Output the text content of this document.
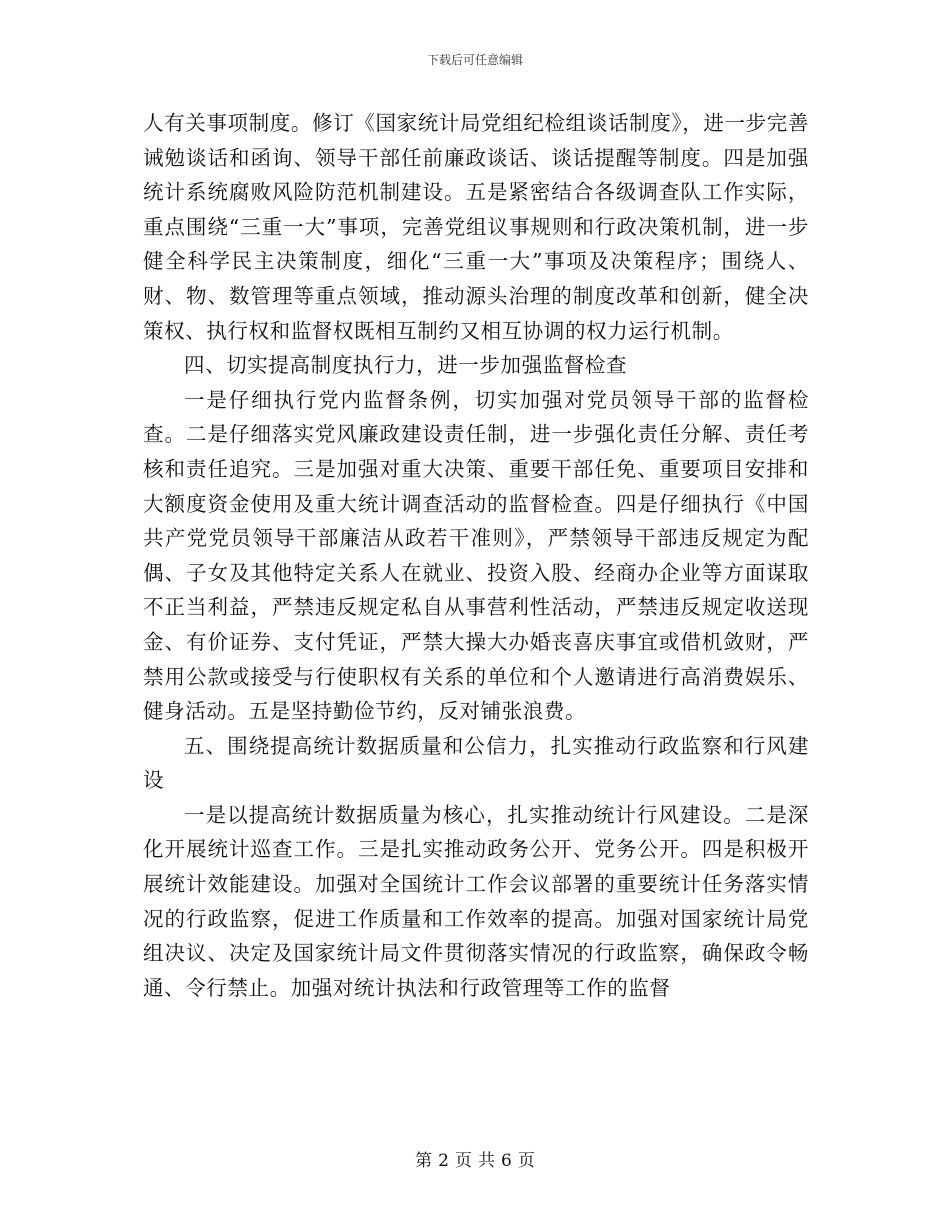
下载后可任意编辑

人有关事项制度。修订《国家统计局党组纪检组谈话制度》，进一步完善诫勉谈话和函询、领导干部任前廉政谈话、谈话提醒等制度。四是加强统计系统腐败风险防范机制建设。五是紧密结合各级调查队工作实际，重点围绕“三重一大”事项，完善党组议事规则和行政决策机制，进一步健全科学民主决策制度，细化“三重一大”事项及决策程序；围绕人、财、物、数管理等重点领域，推动源头治理的制度改革和创新，健全决策权、执行权和监督权既相互制约又相互协调的权力运行机制。

四、切实提高制度执行力，进一步加强监督检查

一是仔细执行党内监督条例，切实加强对党员领导干部的监督检查。二是仔细落实党风廉政建设责任制，进一步强化责任分解、责任考核和责任追究。三是加强对重大决策、重要干部任免、重要项目安排和大额度资金使用及重大统计调查活动的监督检查。四是仔细执行《中国共产党党员领导干部廉洁从政若干准则》，严禁领导干部违反规定为配偶、子女及其他特定关系人在就业、投资入股、经商办企业等方面谋取不正当利益，严禁违反规定私自从事营利性活动，严禁违反规定收送现金、有价证券、支付凭证，严禁大操大办婚丧喜庆事宜或借机敛财，严禁用公款或接受与行使职权有关系的单位和个人邀请进行高消费娱乐、健身活动。五是坚持勤俭节约，反对铺张浪费。

五、围绕提高统计数据质量和公信力，扎实推动行政监察和行风建设

一是以提高统计数据质量为核心，扎实推动统计行风建设。二是深化开展统计巡查工作。三是扎实推动政务公开、党务公开。四是积极开展统计效能建设。加强对全国统计工作会议部署的重要统计任务落实情况的行政监察，促进工作质量和工作效率的提高。加强对国家统计局党组决议、决定及国家统计局文件贯彻落实情况的行政监察，确保政令畅通、令行禁止。加强对统计执法和行政管理等工作的监督

第 2 页 共 6 页
